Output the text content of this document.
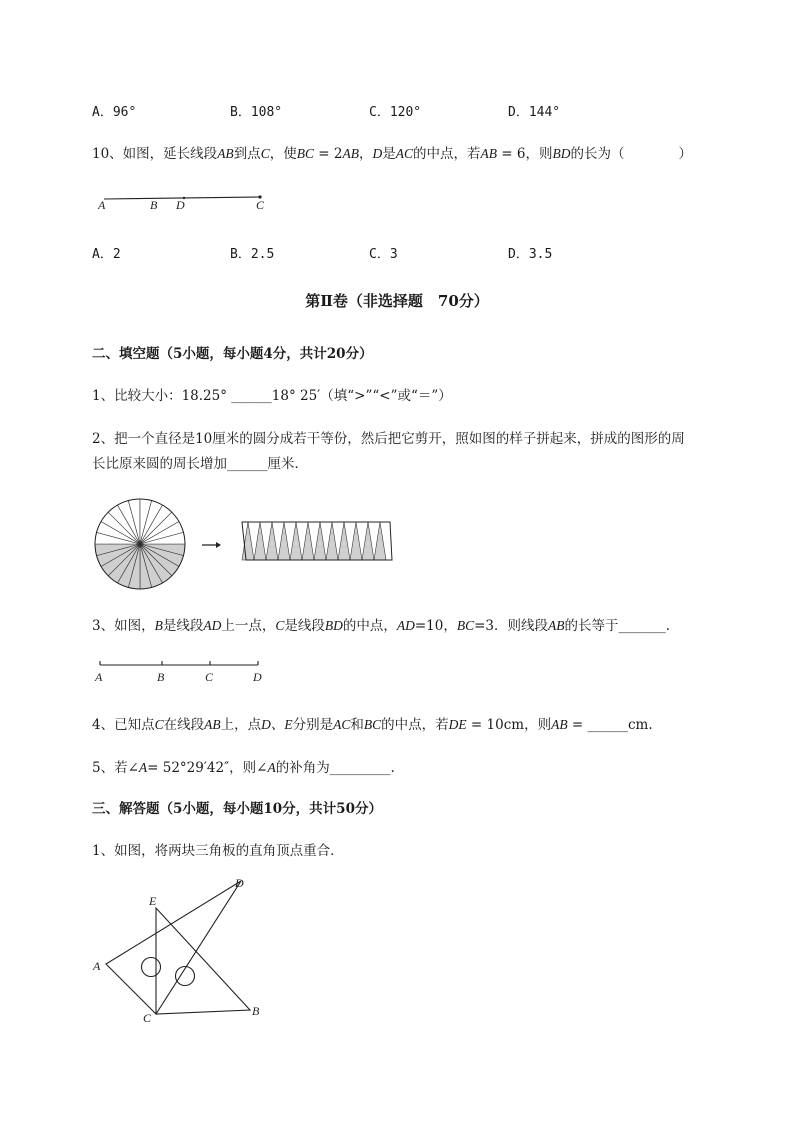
A．96°	B．108°	C．120°	D．144°
10、如图，延长线段AB到点C，使BC = 2AB，D是AC的中点，若AB = 6，则BD的长为（　　　　）
A	B D	C
A．2	B．2.5	C．3	D．3.5
第Ⅱ卷（非选择题　70分）
二、填空题（5小题，每小题4分，共计20分）
1、比较大小：18.25° ______18° 25′（填“>”“<”或“＝”）
2、把一个直径是10厘米的圆分成若干等份，然后把它剪开，照如图的样子拼起来，拼成的图形的周
长比原来圆的周长增加______厘米．
3、如图，B是线段AD上一点，C是线段BD的中点，AD=10，BC=3．则线段AB的长等于_______．
A	B	C	D
4、已知点C在线段AB上，点D、E分别是AC和BC的中点，若DE = 10cm，则AB = ______cm.
5、若∠A= 52°29′42″，则∠A的补角为_________.
三、解答题（5小题，每小题10分，共计50分）
1、如图，将两块三角板的直角顶点重合．
D
E
A
C	B
